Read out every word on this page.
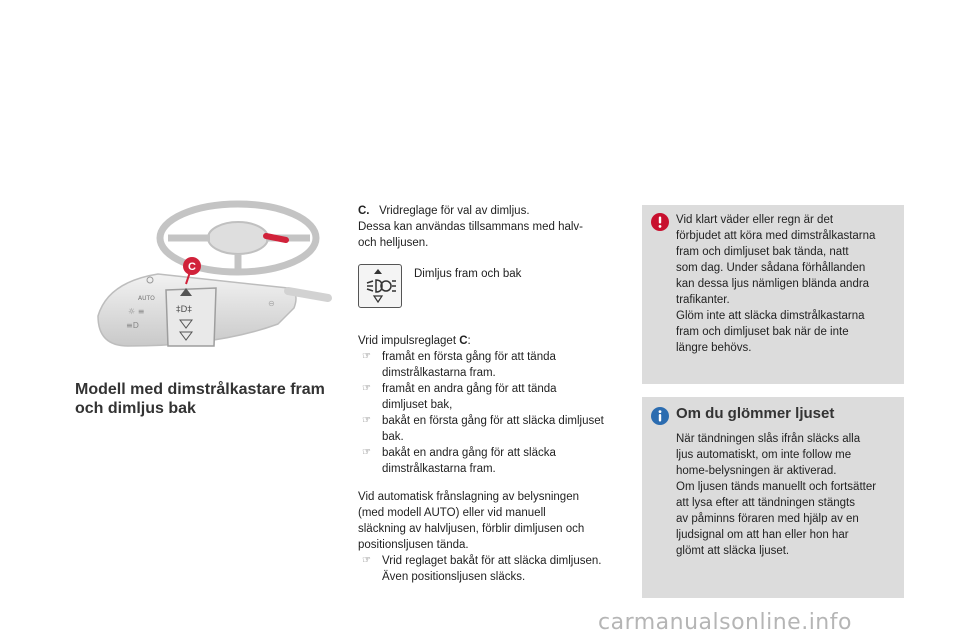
‡D‡
AUTO
☼ ≡
≡D
⊖
C
Modell med dimstrålkastare fram
och dimljus bak

C. Vridreglage för val av dimljus.

Dessa kan användas tillsammans med halv-

och helljusen.

Dimljus fram och bak

Vrid impulsreglaget C:

☞ framåt en första gång för att tända
dimstrålkastarna fram.
☞ framåt en andra gång för att tända
dimljuset bak,
☞ bakåt en första gång för att släcka dimljuset
bak.
☞ bakåt en andra gång för att släcka
dimstrålkastarna fram.

Vid automatisk frånslagning av belysningen

(med modell AUTO) eller vid manuell

släckning av halvljusen, förblir dimljusen och

positionsljusen tända.

☞ Vrid reglaget bakåt för att släcka dimljusen.
Även positionsljusen släcks.
Vid klart väder eller regn är det
förbjudet att köra med dimstrålkastarna
fram och dimljuset bak tända, natt
som dag. Under sådana förhållanden
kan dessa ljus nämligen blända andra
trafikanter.
Glöm inte att släcka dimstrålkastarna
fram och dimljuset bak när de inte
längre behövs.
Om du glömmer ljuset
När tändningen slås ifrån släcks alla
ljus automatiskt, om inte follow me
home-belysningen är aktiverad.
Om ljusen tänds manuellt och fortsätter
att lysa efter att tändningen stängts
av påminns föraren med hjälp av en
ljudsignal om att han eller hon har
glömt att släcka ljuset.
carmanualsonline.info
